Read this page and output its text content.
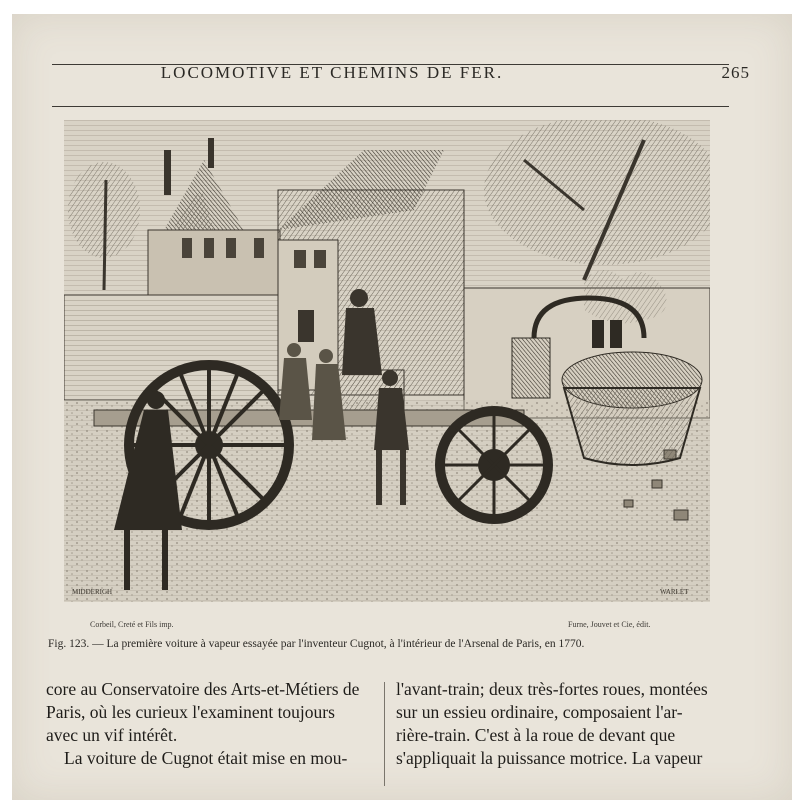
LOCOMOTIVE ET CHEMINS DE FER.	265
MIDDERIGH	WARLET
Corbeil, Creté et Fils imp.	Furne, Jouvet et Cie, édit.
Fig. 123. — La première voiture à vapeur essayée par l'inventeur Cugnot, à l'intérieur de l'Arsenal de Paris, en 1770.
core au Conservatoire des Arts-et-Métiers de
Paris, où les curieux l'examinent toujours
avec un vif intérêt.
La voiture de Cugnot était mise en mou-
l'avant-train; deux très-fortes roues, montées
sur un essieu ordinaire, composaient l'ar-
rière-train. C'est à la roue de devant que
s'appliquait la puissance motrice. La vapeur
